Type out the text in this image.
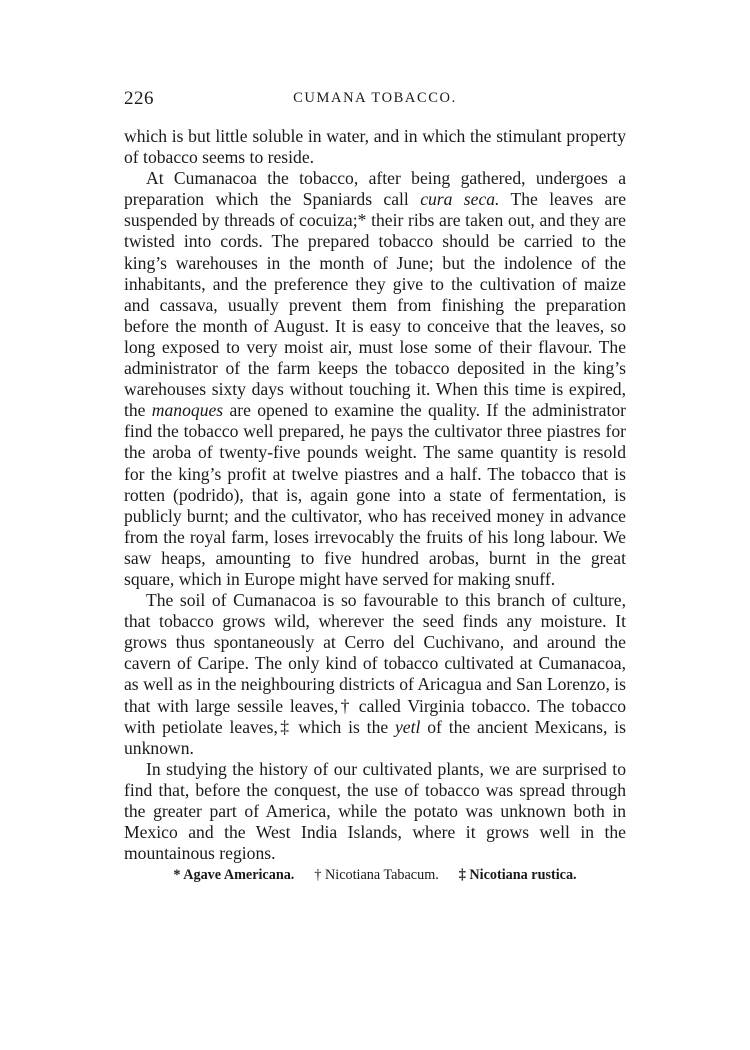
226	CUMANA TOBACCO.

which is but little soluble in water, and in which the stimulant property of tobacco seems to reside.

At Cumanacoa the tobacco, after being gathered, undergoes a preparation which the Spaniards call cura seca. The leaves are suspended by threads of cocuiza;* their ribs are taken out, and they are twisted into cords. The prepared tobacco should be carried to the king’s warehouses in the month of June; but the indolence of the inhabitants, and the preference they give to the cultivation of maize and cassava, usually prevent them from finishing the preparation before the month of August. It is easy to conceive that the leaves, so long exposed to very moist air, must lose some of their flavour. The administrator of the farm keeps the tobacco deposited in the king’s warehouses sixty days without touching it. When this time is expired, the manoques are opened to examine the quality. If the administrator find the tobacco well prepared, he pays the cultivator three piastres for the aroba of twenty-five pounds weight. The same quantity is resold for the king’s profit at twelve piastres and a half. The tobacco that is rotten (podrido), that is, again gone into a state of fermentation, is publicly burnt; and the cultivator, who has received money in advance from the royal farm, loses irrevocably the fruits of his long labour. We saw heaps, amounting to five hundred arobas, burnt in the great square, which in Europe might have served for making snuff.

The soil of Cumanacoa is so favourable to this branch of culture, that tobacco grows wild, wherever the seed finds any moisture. It grows thus spontaneously at Cerro del Cuchivano, and around the cavern of Caripe. The only kind of tobacco cultivated at Cumanacoa, as well as in the neighbouring districts of Aricagua and San Lorenzo, is that with large sessile leaves,† called Virginia tobacco. The tobacco with petiolate leaves,‡ which is the yetl of the ancient Mexicans, is unknown.

In studying the history of our cultivated plants, we are surprised to find that, before the conquest, the use of tobacco was spread through the greater part of America, while the potato was unknown both in Mexico and the West India Islands, where it grows well in the mountainous regions.

* Agave Americana. † Nicotiana Tabacum. ‡ Nicotiana rustica.
